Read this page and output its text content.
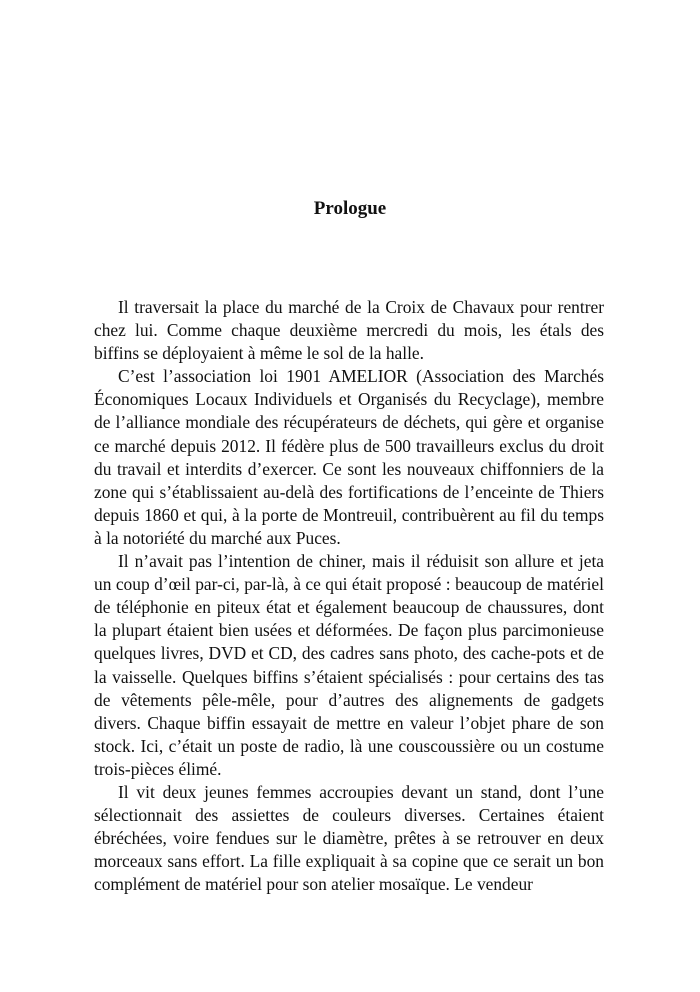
Prologue

Il traversait la place du marché de la Croix de Chavaux pour rentrer chez lui. Comme chaque deuxième mercredi du mois, les étals des biffins se déployaient à même le sol de la halle.

C’est l’association loi 1901 AMELIOR (Association des Marchés Économiques Locaux Individuels et Organisés du Recyclage), membre de l’alliance mondiale des récupérateurs de déchets, qui gère et organise ce marché depuis 2012. Il fédère plus de 500 travailleurs exclus du droit du travail et interdits d’exercer. Ce sont les nouveaux chiffonniers de la zone qui s’établissaient au-delà des fortifications de l’enceinte de Thiers depuis 1860 et qui, à la porte de Montreuil, contribuèrent au fil du temps à la notoriété du marché aux Puces.

Il n’avait pas l’intention de chiner, mais il réduisit son allure et jeta un coup d’œil par-ci, par-là, à ce qui était proposé : beaucoup de matériel de téléphonie en piteux état et également beaucoup de chaussures, dont la plupart étaient bien usées et déformées. De façon plus parcimonieuse quelques livres, DVD et CD, des cadres sans photo, des cache-pots et de la vaisselle. Quelques biffins s’étaient spécialisés : pour certains des tas de vêtements pêle-mêle, pour d’autres des alignements de gadgets divers. Chaque biffin essayait de mettre en valeur l’objet phare de son stock. Ici, c’était un poste de radio, là une couscoussière ou un costume trois-pièces élimé.

Il vit deux jeunes femmes accroupies devant un stand, dont l’une sélectionnait des assiettes de couleurs diverses. Certaines étaient ébréchées, voire fendues sur le diamètre, prêtes à se retrouver en deux morceaux sans effort. La fille expliquait à sa copine que ce serait un bon complément de matériel pour son atelier mosaïque. Le vendeur
